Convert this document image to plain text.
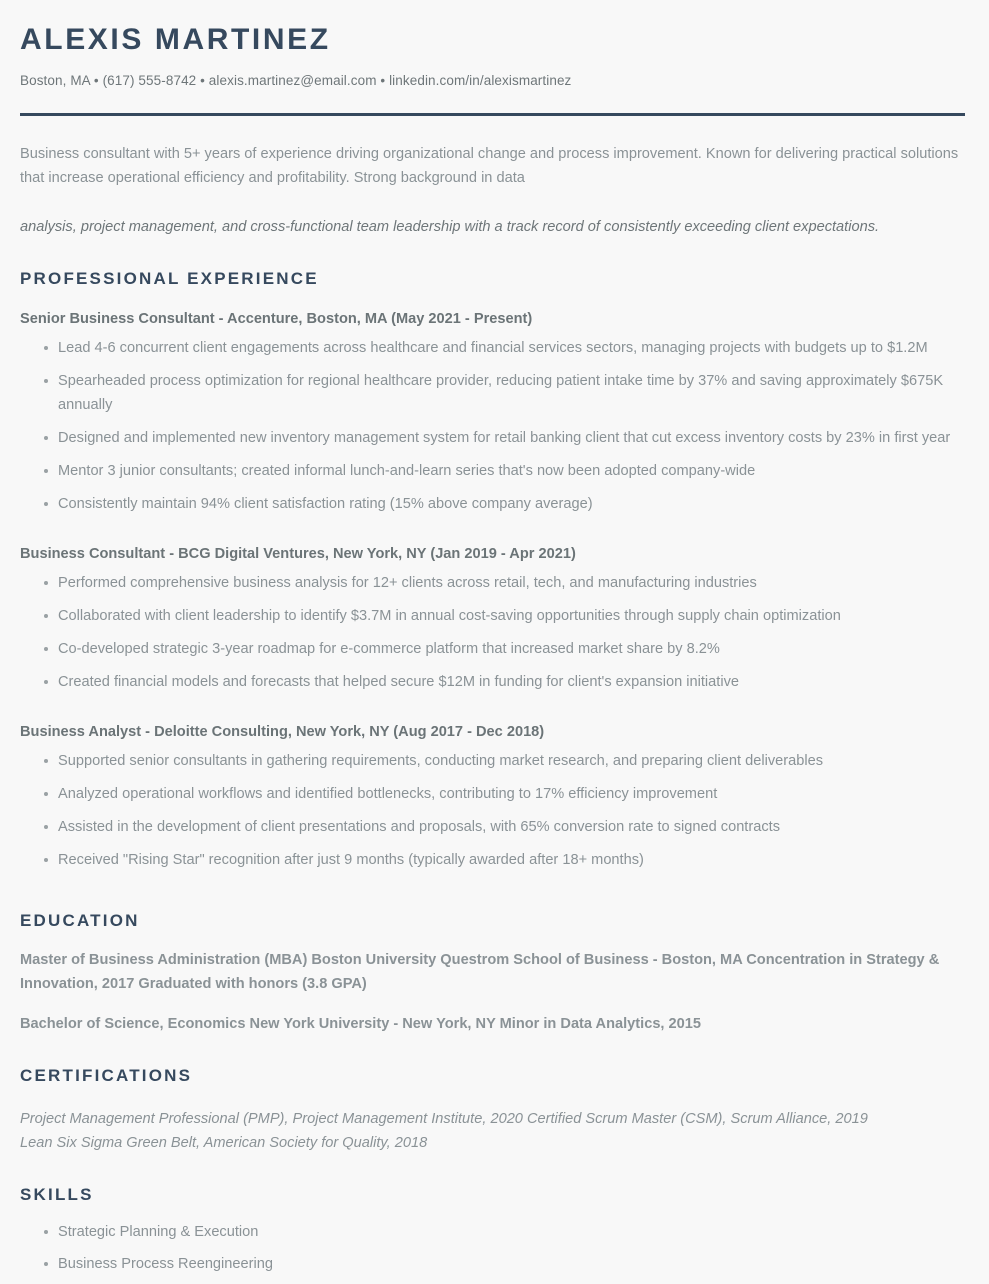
ALEXIS MARTINEZ

Boston, MA • (617) 555-8742 • alexis.martinez@email.com • linkedin.com/in/alexismartinez

Business consultant with 5+ years of experience driving organizational change and process improvement. Known for delivering practical solutions that increase operational efficiency and profitability. Strong background in data

analysis, project management, and cross-functional team leadership with a track record of consistently exceeding client expectations.

PROFESSIONAL EXPERIENCE
Senior Business Consultant - Accenture, Boston, MA (May 2021 - Present)
Lead 4-6 concurrent client engagements across healthcare and financial services sectors, managing projects with budgets up to $1.2M
Spearheaded process optimization for regional healthcare provider, reducing patient intake time by 37% and saving approximately $675K annually
Designed and implemented new inventory management system for retail banking client that cut excess inventory costs by 23% in first year
Mentor 3 junior consultants; created informal lunch-and-learn series that's now been adopted company-wide
Consistently maintain 94% client satisfaction rating (15% above company average)
Business Consultant - BCG Digital Ventures, New York, NY (Jan 2019 - Apr 2021)
Performed comprehensive business analysis for 12+ clients across retail, tech, and manufacturing industries
Collaborated with client leadership to identify $3.7M in annual cost-saving opportunities through supply chain optimization
Co-developed strategic 3-year roadmap for e-commerce platform that increased market share by 8.2%
Created financial models and forecasts that helped secure $12M in funding for client's expansion initiative
Business Analyst - Deloitte Consulting, New York, NY (Aug 2017 - Dec 2018)
Supported senior consultants in gathering requirements, conducting market research, and preparing client deliverables
Analyzed operational workflows and identified bottlenecks, contributing to 17% efficiency improvement
Assisted in the development of client presentations and proposals, with 65% conversion rate to signed contracts
Received "Rising Star" recognition after just 9 months (typically awarded after 18+ months)
EDUCATION

Master of Business Administration (MBA) Boston University Questrom School of Business - Boston, MA Concentration in Strategy & Innovation, 2017 Graduated with honors (3.8 GPA)

Bachelor of Science, Economics New York University - New York, NY Minor in Data Analytics, 2015

CERTIFICATIONS

Project Management Professional (PMP), Project Management Institute, 2020 Certified Scrum Master (CSM), Scrum Alliance, 2019

Lean Six Sigma Green Belt, American Society for Quality, 2018

SKILLS
Strategic Planning & Execution
Business Process Reengineering
